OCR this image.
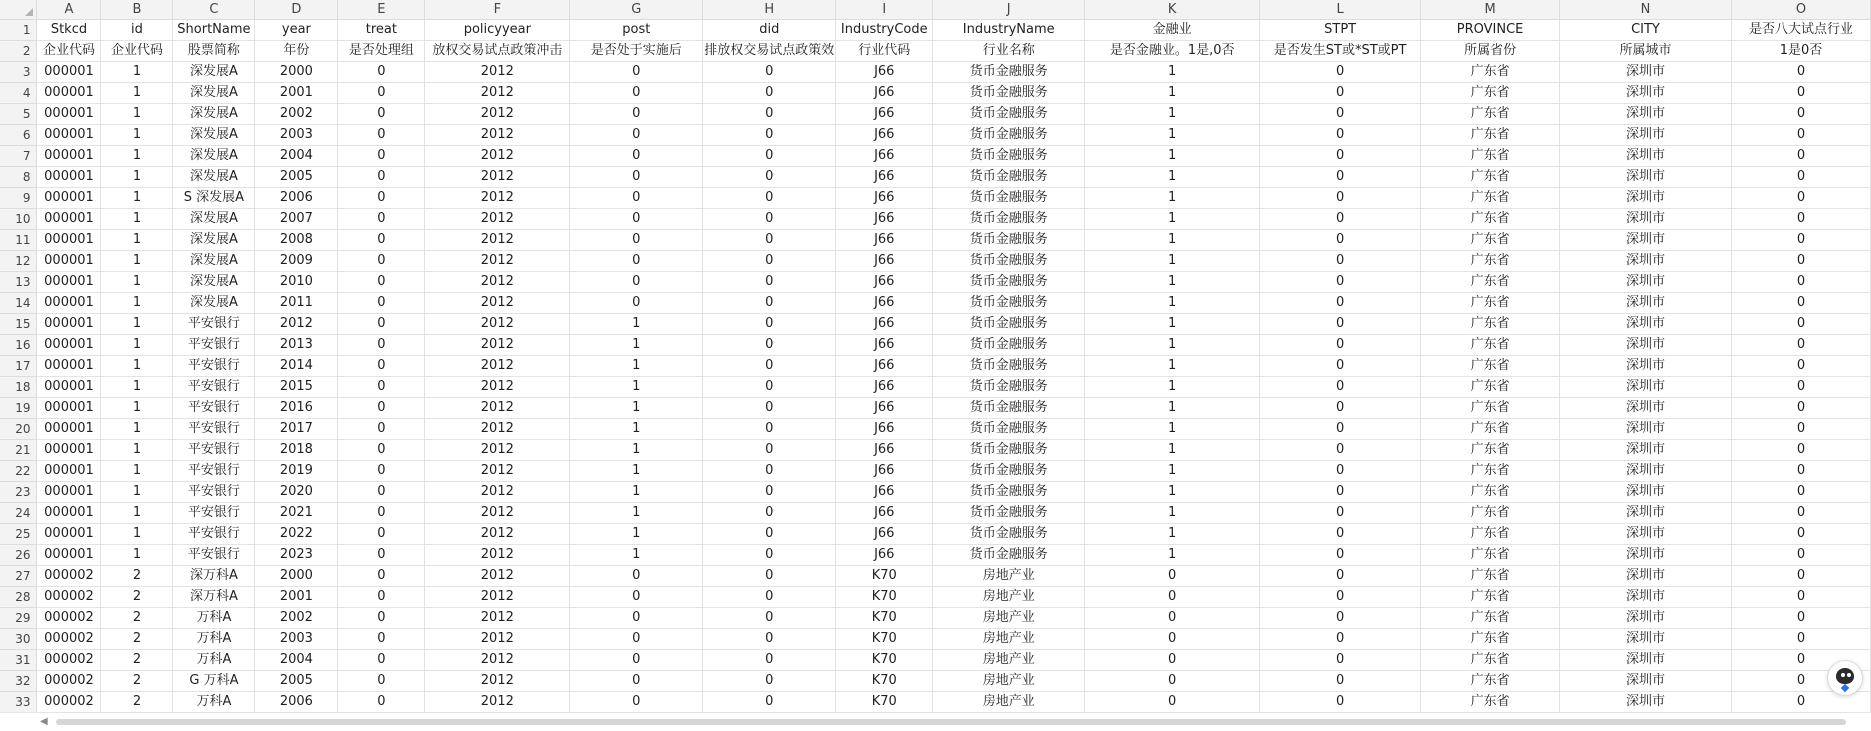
	A	B	C	D	E	F	G	H	I	J	K	L	M	N	O
1	Stkcd	id	ShortName	year	treat	policyyear	post	did	IndustryCode	IndustryName	金融业	STPT	PROVINCE	CITY	是否八大试点行业
2	企业代码	企业代码	股票简称	年份	是否处理组	放权交易试点政策冲击	是否处于实施后	排放权交易试点政策效	行业代码	行业名称	是否金融业。1是,0否	是否发生ST或*ST或PT	所属省份	所属城市	1是0否
3	000001	1	深发展A	2000	0	2012	0	0	J66	货币金融服务	1	0	广东省	深圳市	0
4	000001	1	深发展A	2001	0	2012	0	0	J66	货币金融服务	1	0	广东省	深圳市	0
5	000001	1	深发展A	2002	0	2012	0	0	J66	货币金融服务	1	0	广东省	深圳市	0
6	000001	1	深发展A	2003	0	2012	0	0	J66	货币金融服务	1	0	广东省	深圳市	0
7	000001	1	深发展A	2004	0	2012	0	0	J66	货币金融服务	1	0	广东省	深圳市	0
8	000001	1	深发展A	2005	0	2012	0	0	J66	货币金融服务	1	0	广东省	深圳市	0
9	000001	1	S 深发展A	2006	0	2012	0	0	J66	货币金融服务	1	0	广东省	深圳市	0
10	000001	1	深发展A	2007	0	2012	0	0	J66	货币金融服务	1	0	广东省	深圳市	0
11	000001	1	深发展A	2008	0	2012	0	0	J66	货币金融服务	1	0	广东省	深圳市	0
12	000001	1	深发展A	2009	0	2012	0	0	J66	货币金融服务	1	0	广东省	深圳市	0
13	000001	1	深发展A	2010	0	2012	0	0	J66	货币金融服务	1	0	广东省	深圳市	0
14	000001	1	深发展A	2011	0	2012	0	0	J66	货币金融服务	1	0	广东省	深圳市	0
15	000001	1	平安银行	2012	0	2012	1	0	J66	货币金融服务	1	0	广东省	深圳市	0
16	000001	1	平安银行	2013	0	2012	1	0	J66	货币金融服务	1	0	广东省	深圳市	0
17	000001	1	平安银行	2014	0	2012	1	0	J66	货币金融服务	1	0	广东省	深圳市	0
18	000001	1	平安银行	2015	0	2012	1	0	J66	货币金融服务	1	0	广东省	深圳市	0
19	000001	1	平安银行	2016	0	2012	1	0	J66	货币金融服务	1	0	广东省	深圳市	0
20	000001	1	平安银行	2017	0	2012	1	0	J66	货币金融服务	1	0	广东省	深圳市	0
21	000001	1	平安银行	2018	0	2012	1	0	J66	货币金融服务	1	0	广东省	深圳市	0
22	000001	1	平安银行	2019	0	2012	1	0	J66	货币金融服务	1	0	广东省	深圳市	0
23	000001	1	平安银行	2020	0	2012	1	0	J66	货币金融服务	1	0	广东省	深圳市	0
24	000001	1	平安银行	2021	0	2012	1	0	J66	货币金融服务	1	0	广东省	深圳市	0
25	000001	1	平安银行	2022	0	2012	1	0	J66	货币金融服务	1	0	广东省	深圳市	0
26	000001	1	平安银行	2023	0	2012	1	0	J66	货币金融服务	1	0	广东省	深圳市	0
27	000002	2	深万科A	2000	0	2012	0	0	K70	房地产业	0	0	广东省	深圳市	0
28	000002	2	深万科A	2001	0	2012	0	0	K70	房地产业	0	0	广东省	深圳市	0
29	000002	2	万科A	2002	0	2012	0	0	K70	房地产业	0	0	广东省	深圳市	0
30	000002	2	万科A	2003	0	2012	0	0	K70	房地产业	0	0	广东省	深圳市	0
31	000002	2	万科A	2004	0	2012	0	0	K70	房地产业	0	0	广东省	深圳市	0
32	000002	2	G 万科A	2005	0	2012	0	0	K70	房地产业	0	0	广东省	深圳市	0
33	000002	2	万科A	2006	0	2012	0	0	K70	房地产业	0	0	广东省	深圳市	0

◀
